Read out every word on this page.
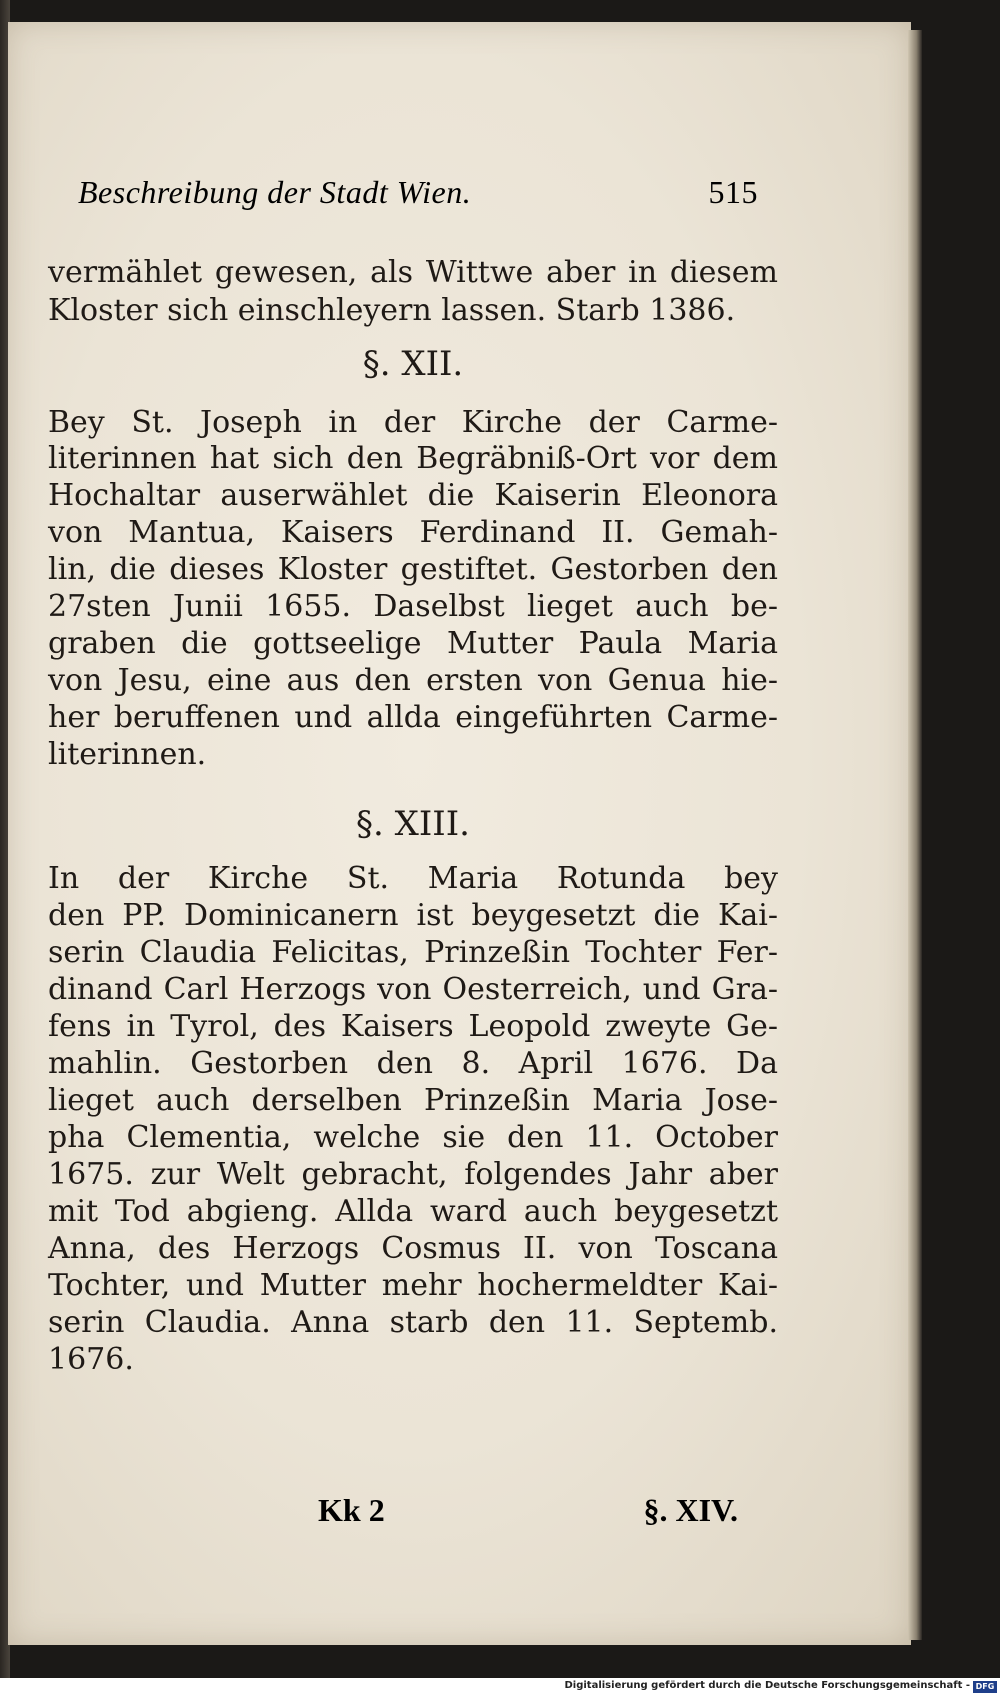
Beschreibung der Stadt Wien.	515
vermählet gewesen, als Wittwe aber in diesem
Kloster sich einschleyern lassen. Starb 1386.
§. XII.
Bey St. Joseph in der Kirche der Carme-
literinnen hat sich den Begräbniß-Ort vor dem
Hochaltar auserwählet die Kaiserin Eleonora
von Mantua, Kaisers Ferdinand II. Gemah-
lin, die dieses Kloster gestiftet. Gestorben den
27sten Junii 1655. Daselbst lieget auch be-
graben die gottseelige Mutter Paula Maria
von Jesu, eine aus den ersten von Genua hie-
her beruffenen und allda eingeführten Carme-
literinnen.
§. XIII.
In der Kirche St. Maria Rotunda bey
den PP. Dominicanern ist beygesetzt die Kai-
serin Claudia Felicitas, Prinzeßin Tochter Fer-
dinand Carl Herzogs von Oesterreich, und Gra-
fens in Tyrol, des Kaisers Leopold zweyte Ge-
mahlin. Gestorben den 8. April 1676. Da
lieget auch derselben Prinzeßin Maria Jose-
pha Clementia, welche sie den 11. October
1675. zur Welt gebracht, folgendes Jahr aber
mit Tod abgieng. Allda ward auch beygesetzt
Anna, des Herzogs Cosmus II. von Toscana
Tochter, und Mutter mehr hochermeldter Kai-
serin Claudia. Anna starb den 11. Septemb.
1676.
Kk 2	§. XIV.
Digitalisierung gefördert durch die Deutsche Forschungsgemeinschaft - DFG
